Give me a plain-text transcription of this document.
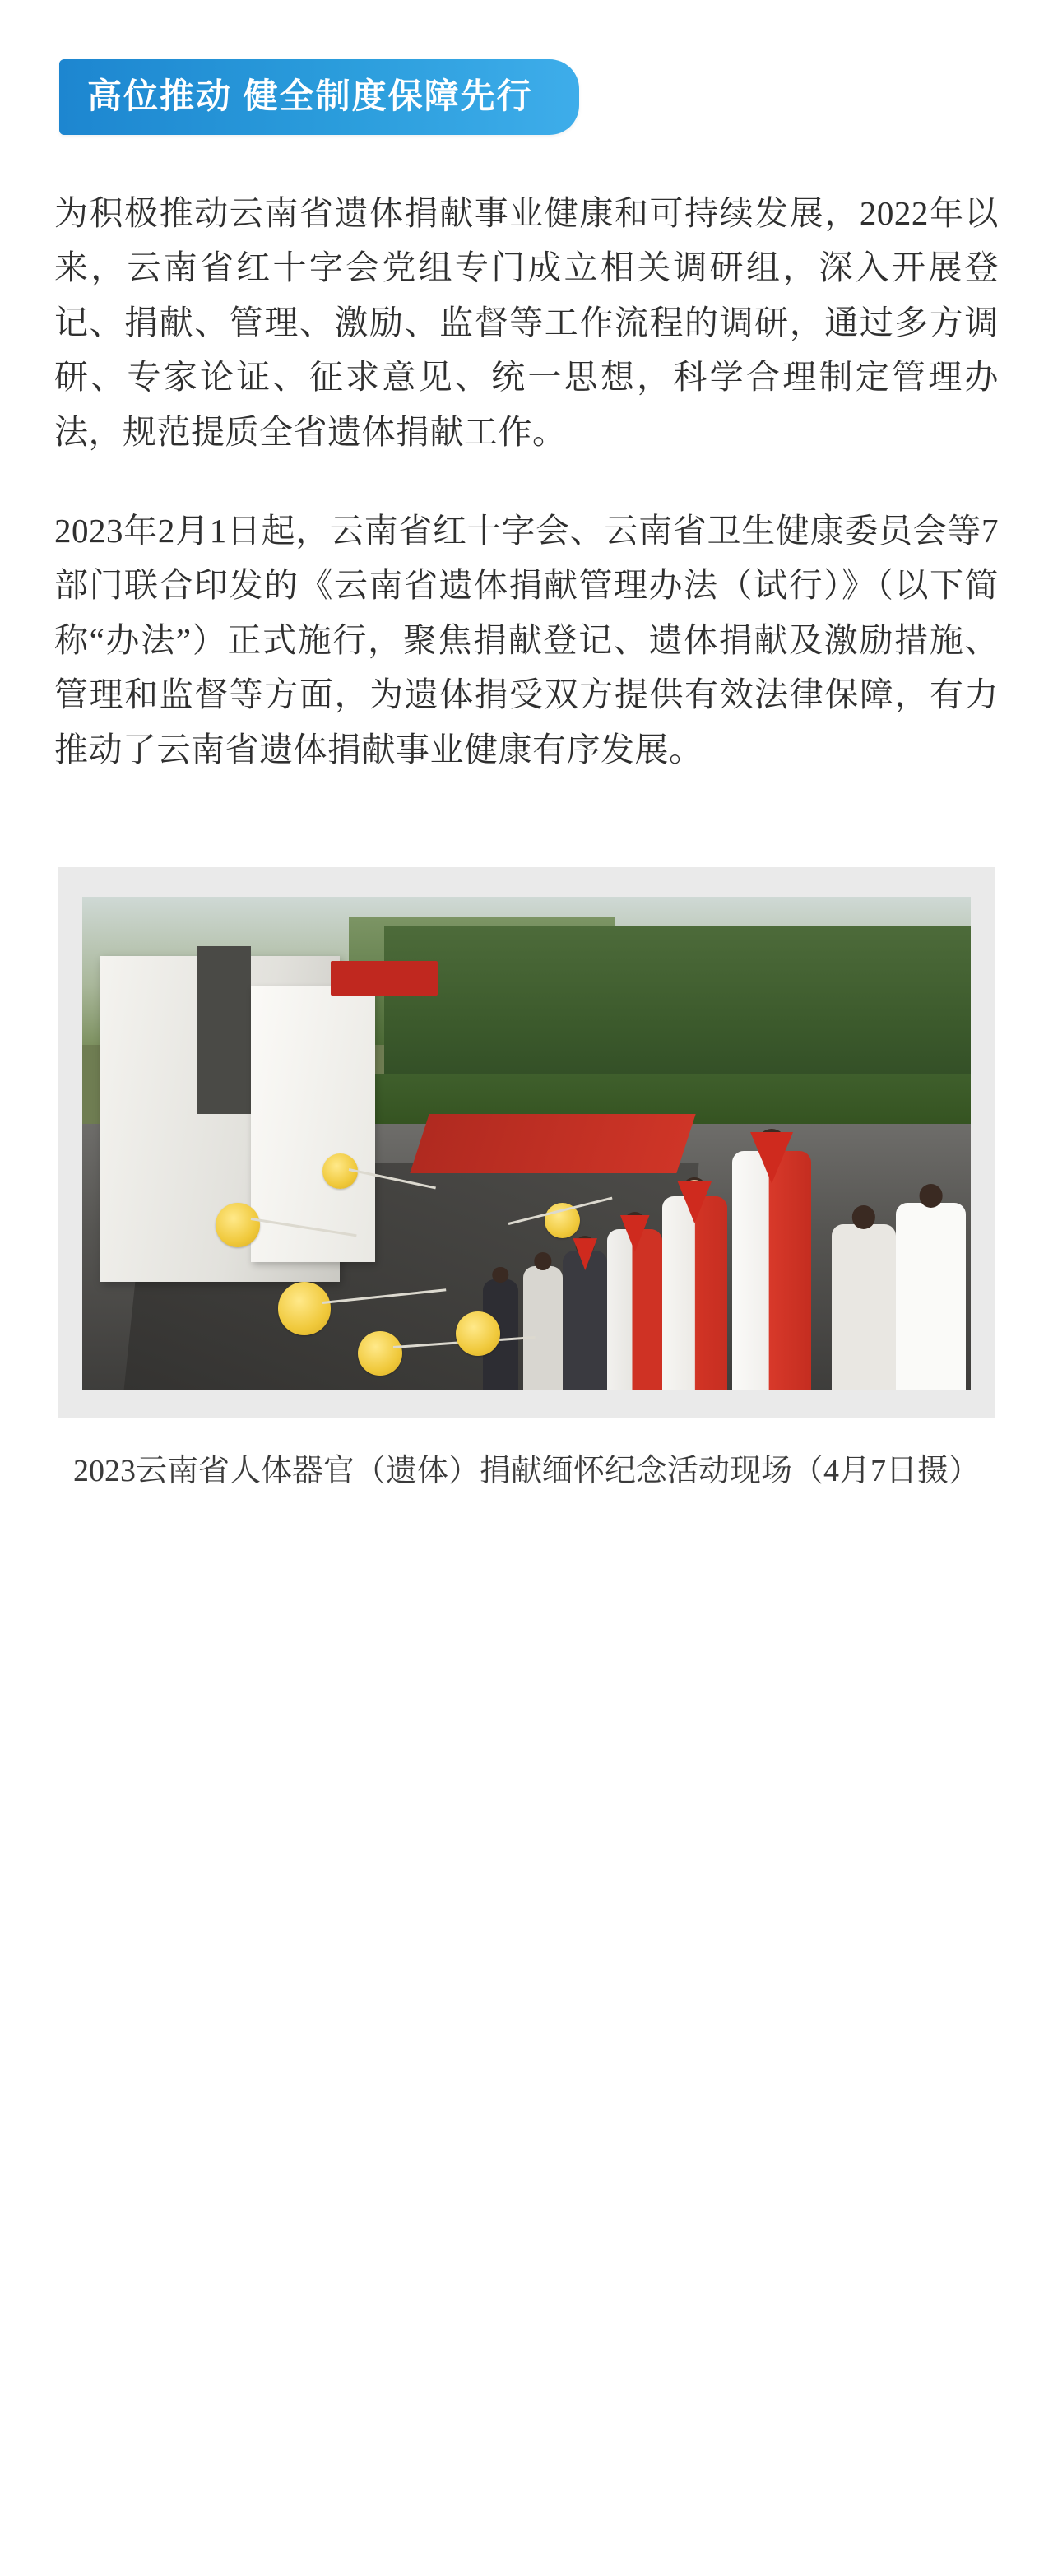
高位推动 健全制度保障先行

为积极推动云南省遗体捐献事业健康和可持续发展，2022年以来，云南省红十字会党组专门成立相关调研组，深入开展登记、捐献、管理、激励、监督等工作流程的调研，通过多方调研、专家论证、征求意见、统一思想，科学合理制定管理办法，规范提质全省遗体捐献工作。

2023年2月1日起，云南省红十字会、云南省卫生健康委员会等7部门联合印发的《云南省遗体捐献管理办法（试行）》（以下简称“办法”）正式施行，聚焦捐献登记、遗体捐献及激励措施、管理和监督等方面，为遗体捐受双方提供有效法律保障，有力推动了云南省遗体捐献事业健康有序发展。

2023云南省人体器官（遗体）捐献缅怀纪念活动现场（4月7日摄）
